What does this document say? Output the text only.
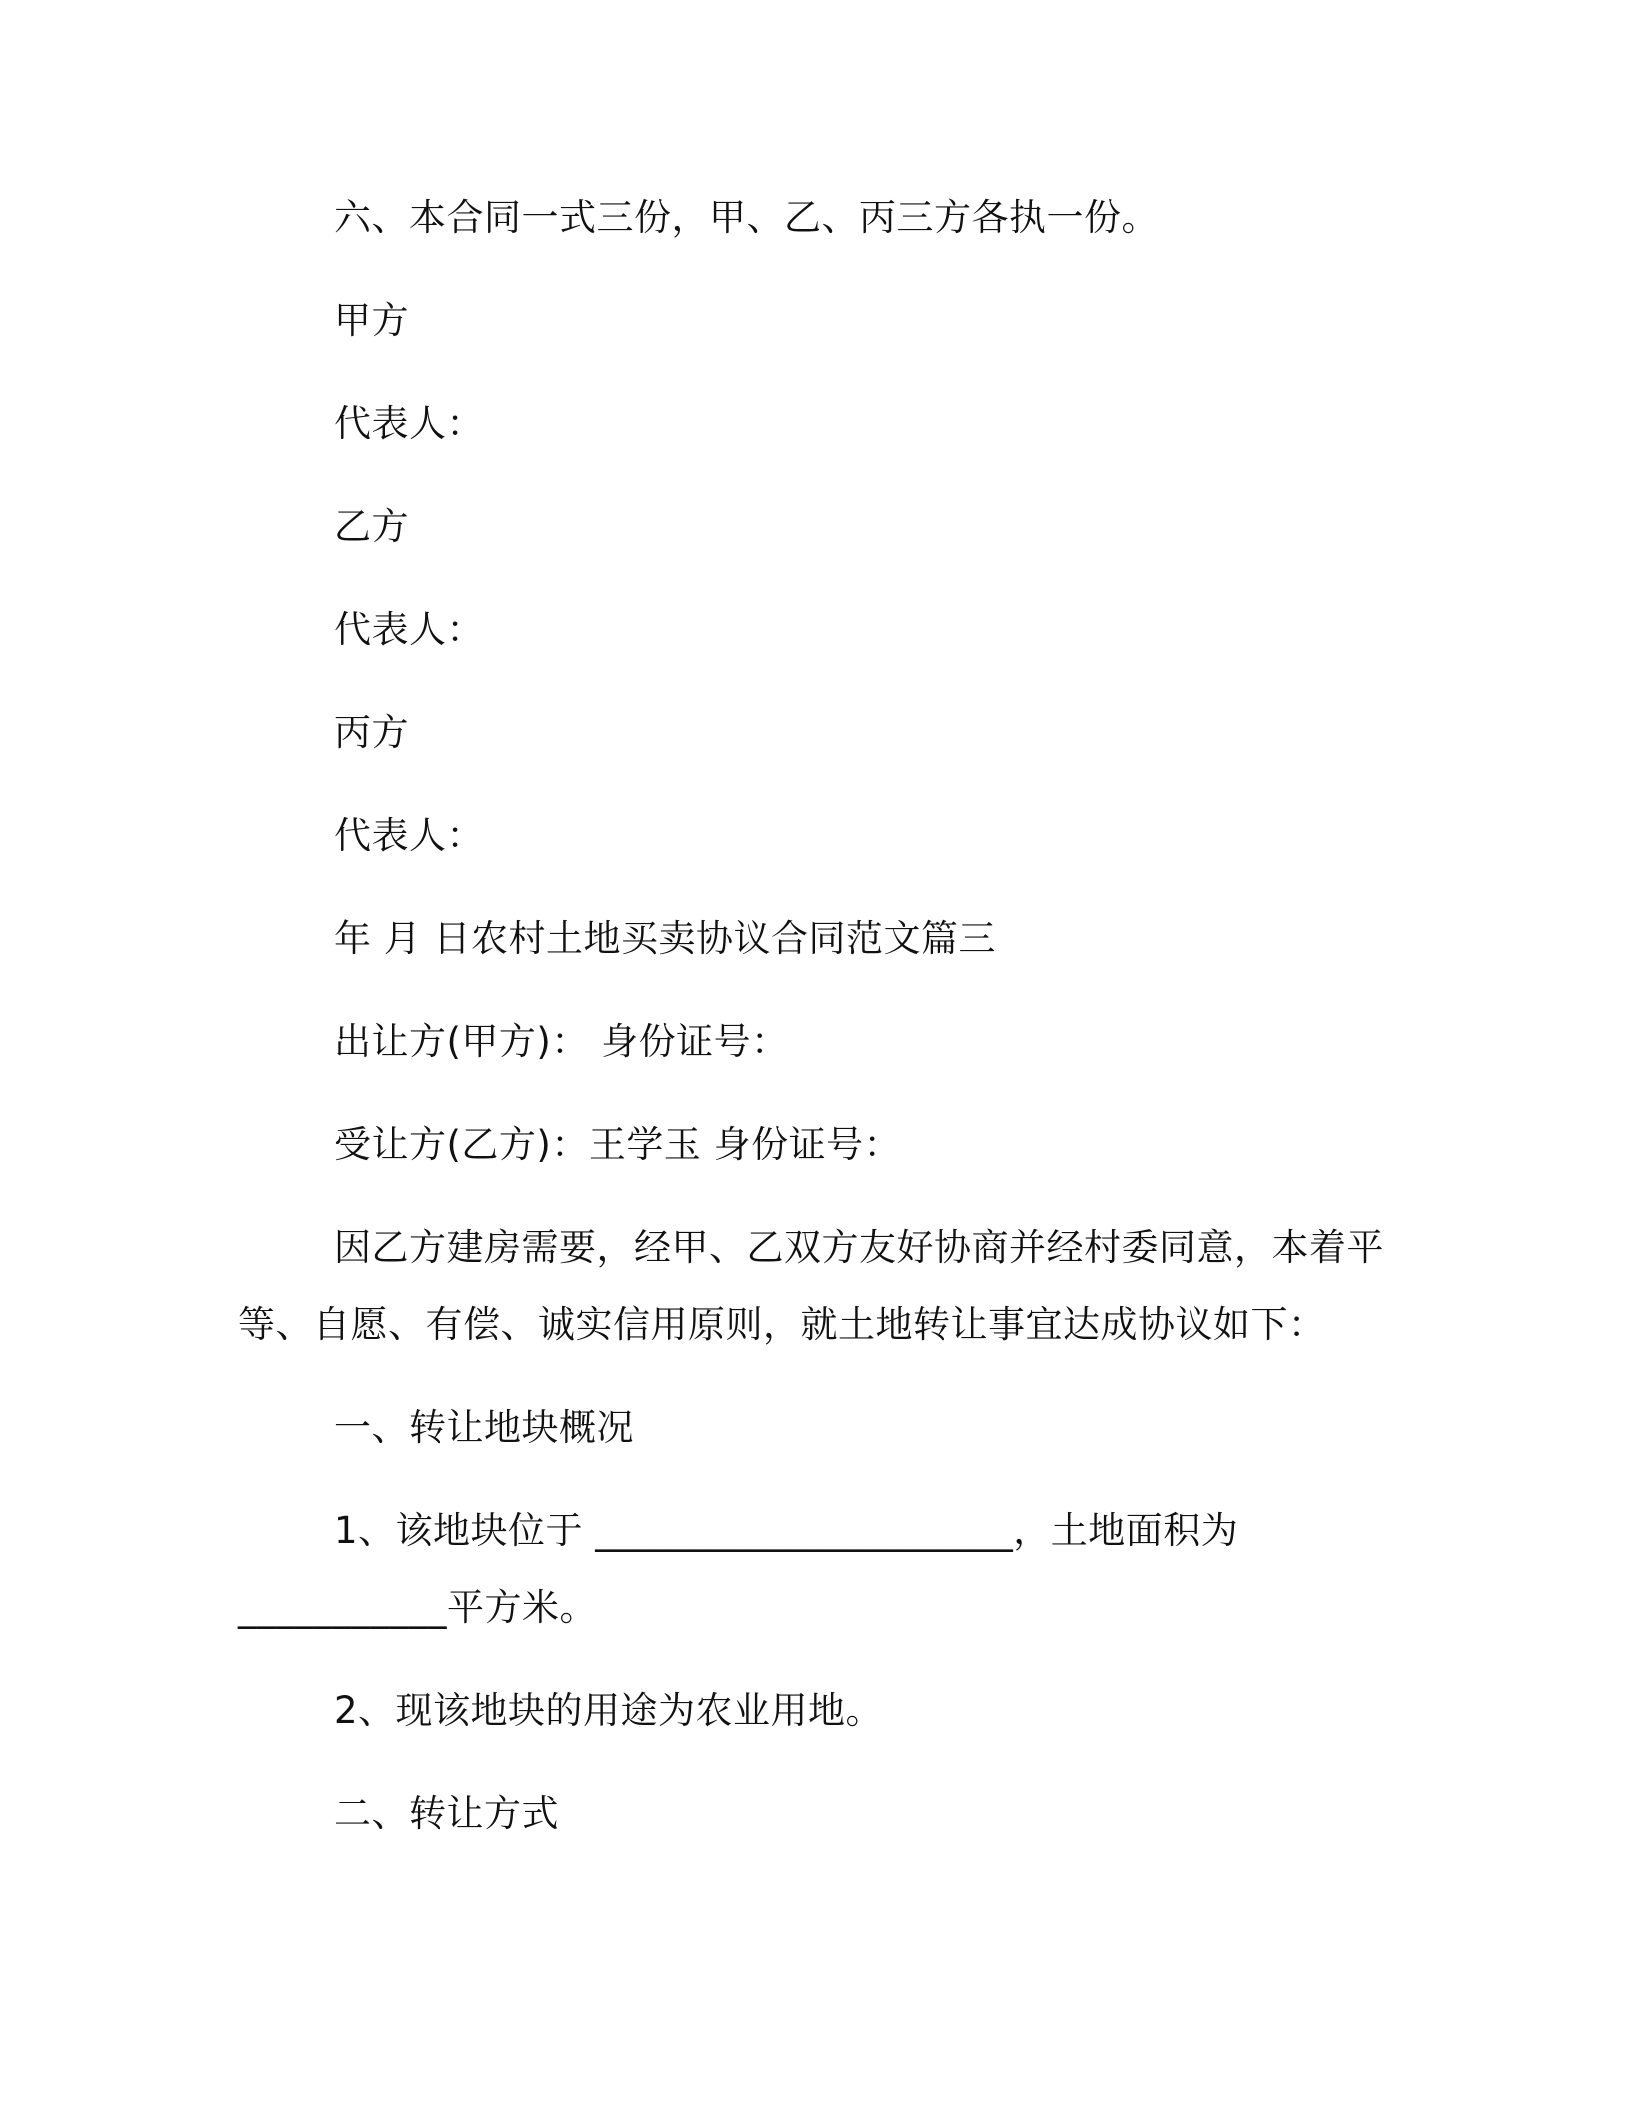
六、本合同一式三份，甲、乙、丙三方各执一份。
甲方
代表人：
乙方
代表人：
丙方
代表人：
年 月 日农村土地买卖协议合同范文篇三
出让方(甲方)： 身份证号：
受让方(乙方)：王学玉 身份证号：
因乙方建房需要，经甲、乙双方友好协商并经村委同意，本着平
等、自愿、有偿、诚实信用原则，就土地转让事宜达成协议如下：
一、转让地块概况
1、该地块位于 ______________________，土地面积为
___________平方米。
2、现该地块的用途为农业用地。
二、转让方式
